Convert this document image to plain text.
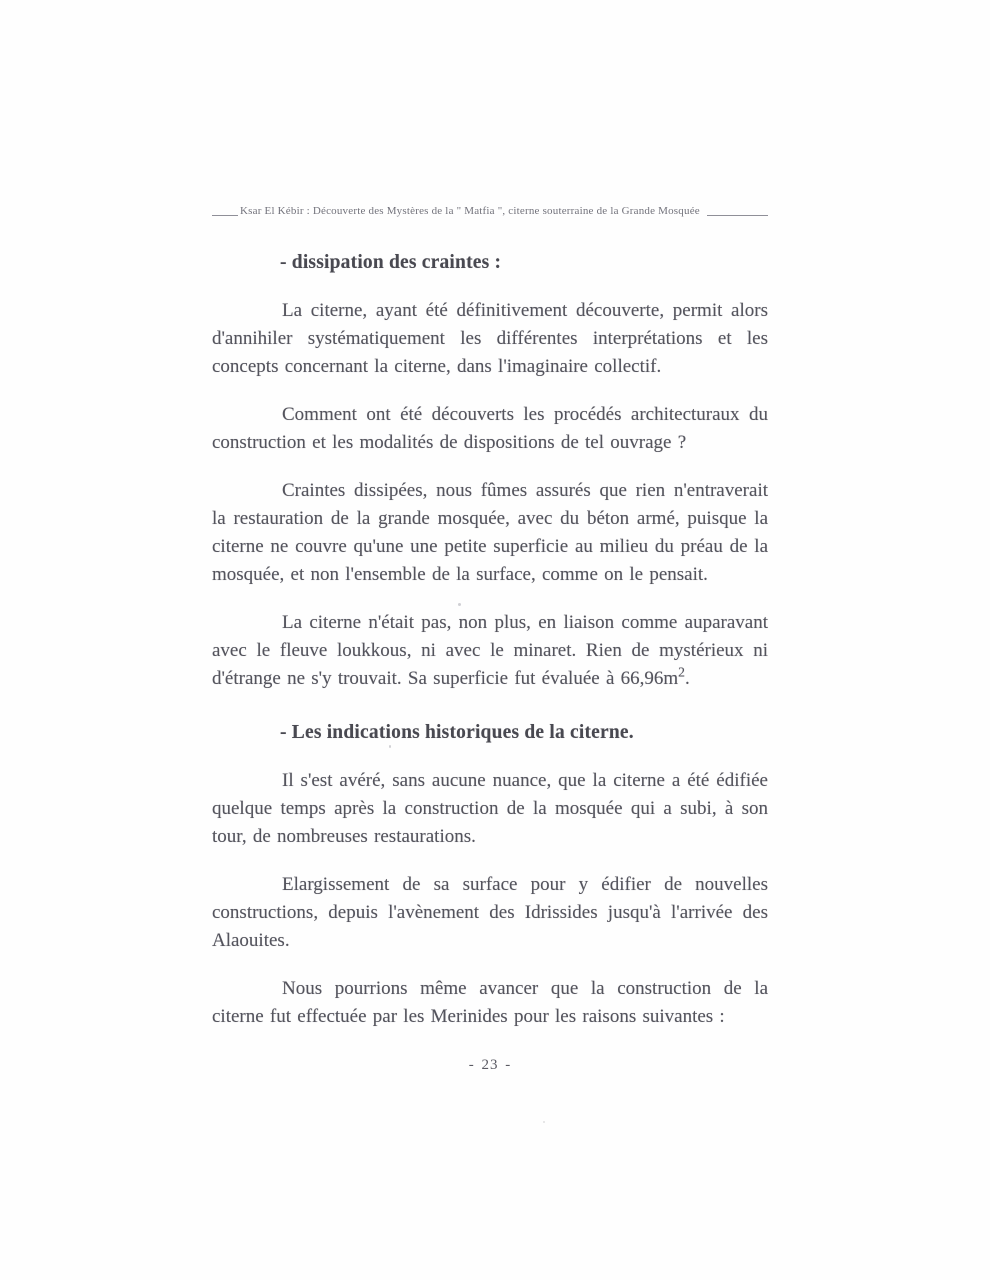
Ksar El Kébir : Découverte des Mystères de la " Matfia ", citerne souterraine de la Grande Mosquée
- dissipation des craintes :

La citerne, ayant été définitivement découverte, permit alors d'annihiler systématiquement les différentes interprétations et les concepts concernant la citerne, dans l'imaginaire collectif.

Comment ont été découverts les procédés architecturaux du construction et les modalités de dispositions de tel ouvrage ?

Craintes dissipées, nous fûmes assurés que rien n'entraverait la restauration de la grande mosquée, avec du béton armé, puisque la citerne ne couvre qu'une une petite superficie au milieu du préau de la mosquée, et non l'ensemble de la surface, comme on le pensait.

La citerne n'était pas, non plus, en liaison comme auparavant avec le fleuve loukkous, ni avec le minaret. Rien de mystérieux ni d'étrange ne s'y trouvait. Sa superficie fut évaluée à $66,96m^2$.

- Les indications historiques de la citerne.

Il s'est avéré, sans aucune nuance, que la citerne a été édifiée quelque temps après la construction de la mosquée qui a subi, à son tour, de nombreuses restaurations.

Elargissement de sa surface pour y édifier de nouvelles constructions, depuis l'avènement des Idrissides jusqu'à l'arrivée des Alaouites.

Nous pourrions même avancer que la construction de la citerne fut effectuée par les Merinides pour les raisons suivantes :

- 23 -
